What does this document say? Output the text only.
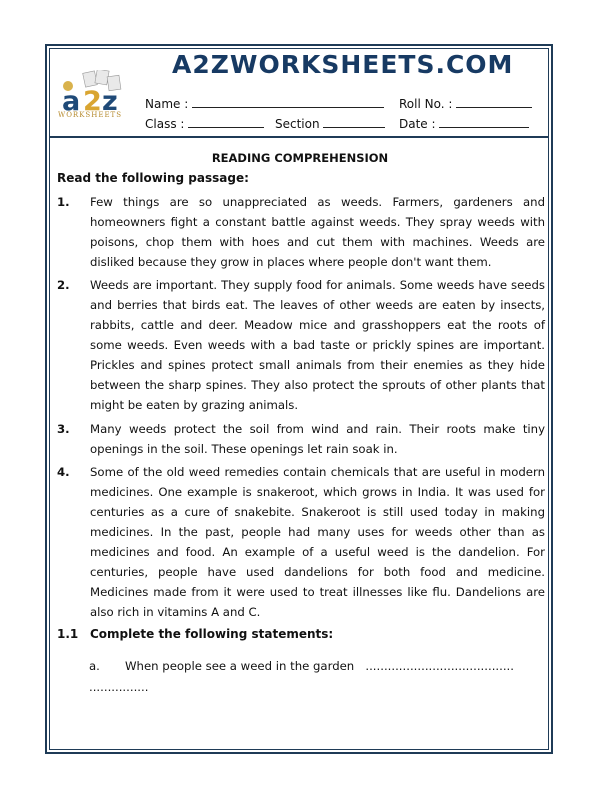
A2ZWORKSHEETS.COM
a 2 z
WORKSHEETS
Name :	Roll No. :
Class :	Section	Date :
READING COMPREHENSION
Read the following passage:
1. Few things are so unappreciated as weeds. Farmers, gardeners and homeowners fight a constant battle against weeds. They spray weeds with poisons, chop them with hoes and cut them with machines. Weeds are disliked because they grow in places where people don't want them.
2. Weeds are important. They supply food for animals. Some weeds have seeds and berries that birds eat. The leaves of other weeds are eaten by insects, rabbits, cattle and deer. Meadow mice and grasshoppers eat the roots of some weeds. Even weeds with a bad taste or prickly spines are important. Prickles and spines protect small animals from their enemies as they hide between the sharp spines. They also protect the sprouts of other plants that might be eaten by grazing animals.
3. Many weeds protect the soil from wind and rain. Their roots make tiny openings in the soil. These openings let rain soak in.
4. Some of the old weed remedies contain chemicals that are useful in modern medicines. One example is snakeroot, which grows in India. It was used for centuries as a cure of snakebite. Snakeroot is still used today in making medicines. In the past, people had many uses for weeds other than as medicines and food. An example of a useful weed is the dandelion. For centuries, people have used dandelions for both food and medicine. Medicines made from it were used to treat illnesses like flu. Dandelions are also rich in vitamins A and C.
1.1 Complete the following statements:
a. When people see a weed in the garden ........................................
................
